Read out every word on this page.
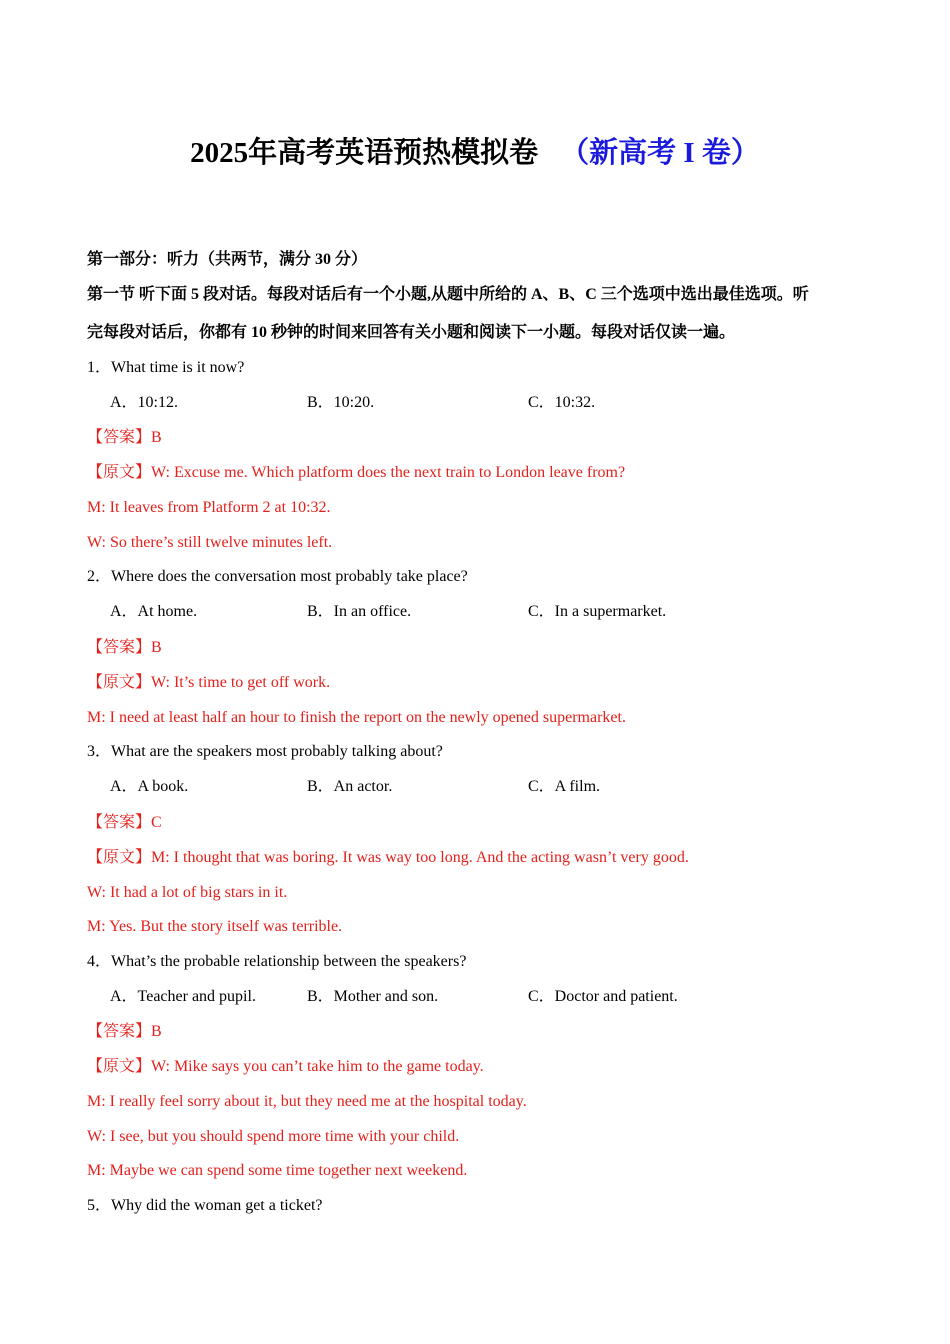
2025年高考英语预热模拟卷 （新高考 I 卷）
第一部分：听力（共两节，满分 30 分）
第一节 听下面 5 段对话。每段对话后有一个小题,从题中所给的 A、B、C 三个选项中选出最佳选项。听
完每段对话后，你都有 10 秒钟的时间来回答有关小题和阅读下一小题。每段对话仅读一遍。
1．What time is it now?
A．10:12.	B．10:20.	C．10:32.
【答案】B
【原文】W: Excuse me. Which platform does the next train to London leave from?
M: It leaves from Platform 2 at 10:32.
W: So there’s still twelve minutes left.
2．Where does the conversation most probably take place?
A．At home.	B．In an office.	C．In a supermarket.
【答案】B
【原文】W: It’s time to get off work.
M: I need at least half an hour to finish the report on the newly opened supermarket.
3．What are the speakers most probably talking about?
A．A book.	B．An actor.	C．A film.
【答案】C
【原文】M: I thought that was boring. It was way too long. And the acting wasn’t very good.
W: It had a lot of big stars in it.
M: Yes. But the story itself was terrible.
4．What’s the probable relationship between the speakers?
A．Teacher and pupil.	B．Mother and son.	C．Doctor and patient.
【答案】B
【原文】W: Mike says you can’t take him to the game today.
M: I really feel sorry about it, but they need me at the hospital today.
W: I see, but you should spend more time with your child.
M: Maybe we can spend some time together next weekend.
5．Why did the woman get a ticket?
